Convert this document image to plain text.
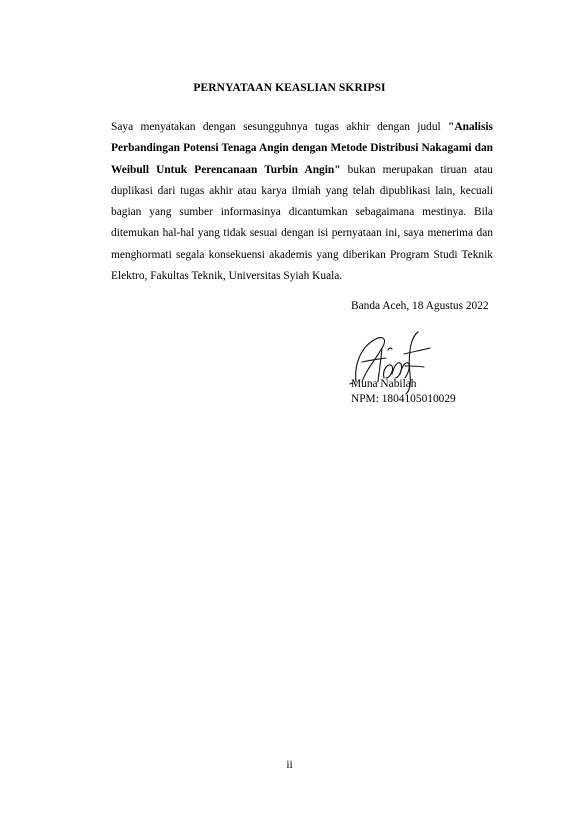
PERNYATAAN KEASLIAN SKRIPSI

Saya menyatakan dengan sesungguhnya tugas akhir dengan judul "Analisis Perbandingan Potensi Tenaga Angin dengan Metode Distribusi Nakagami dan Weibull Untuk Perencanaan Turbin Angin" bukan merupakan tiruan atau duplikasi dari tugas akhir atau karya ilmiah yang telah dipublikasi lain, kecuali bagian yang sumber informasinya dicantumkan sebagaimana mestinya. Bila ditemukan hal-hal yang tidak sesuai dengan isi pernyataan ini, saya menerima dan menghormati segala konsekuensi akademis yang diberikan Program Studi Teknik Elektro, Fakultas Teknik, Universitas Syiah Kuala.

Banda Aceh, 18 Agustus 2022
Muna Nabilah
NPM: 1804105010029
ii
